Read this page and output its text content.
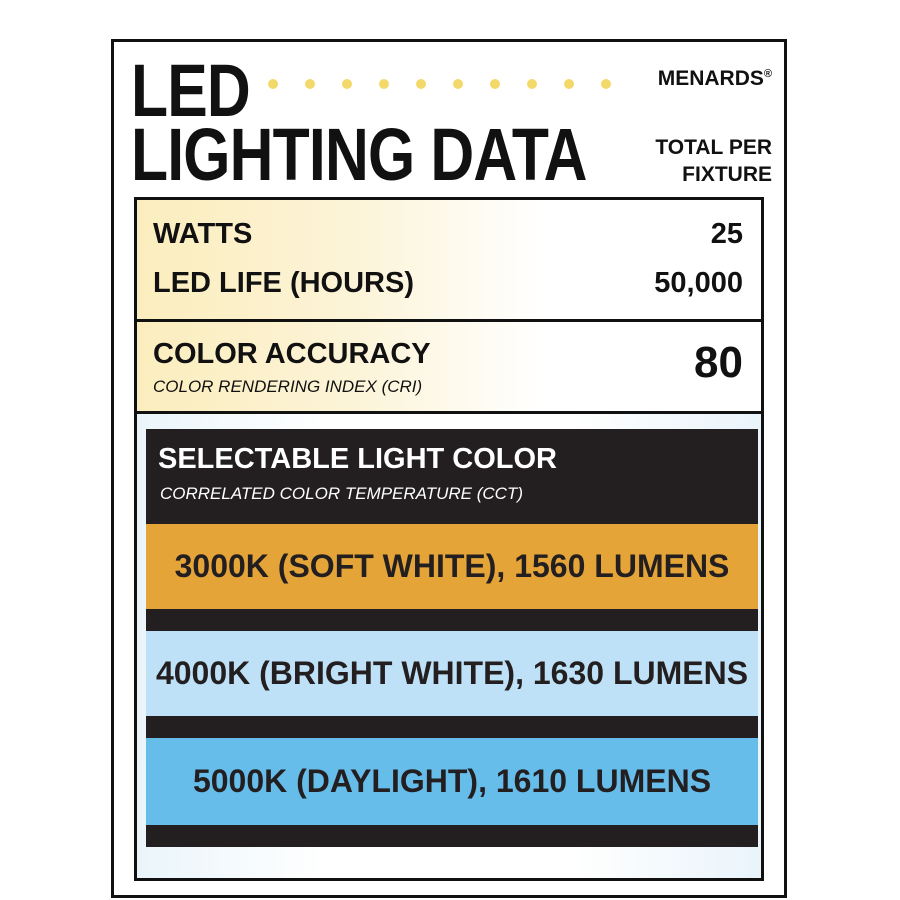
LED
LIGHTING DATA
MENARDS®
TOTAL PER
FIXTURE
WATTS	25
LED LIFE (HOURS)	50,000
COLOR ACCURACY
COLOR RENDERING INDEX (CRI)	80
SELECTABLE LIGHT COLOR
CORRELATED COLOR TEMPERATURE (CCT)
3000K (SOFT WHITE), 1560 LUMENS
4000K (BRIGHT WHITE), 1630 LUMENS
5000K (DAYLIGHT), 1610 LUMENS
